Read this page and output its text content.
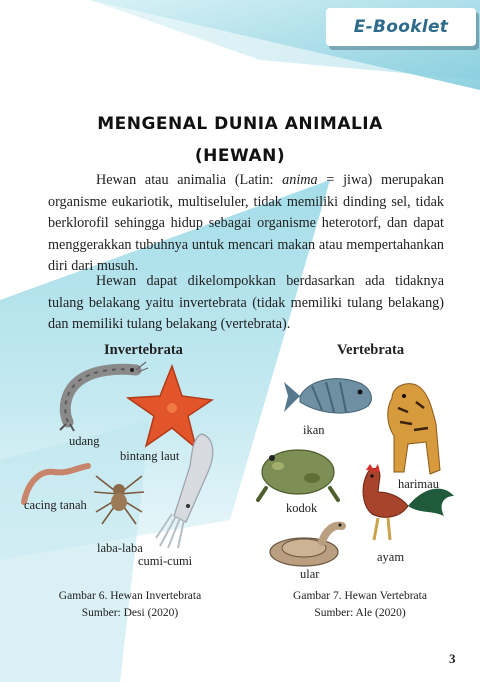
E-Booklet
MENGENAL DUNIA ANIMALIA
(HEWAN)

Hewan atau animalia (Latin: anima = jiwa) merupakan organisme eukariotik, multiseluler, tidak memiliki dinding sel, tidak berklorofil sehingga hidup sebagai organisme heterotorf, dan dapat menggerakkan tubuhnya untuk mencari makan atau mempertahankan diri dari musuh.

Hewan dapat dikelompokkan berdasarkan ada tidaknya tulang belakang yaitu invertebrata (tidak memiliki tulang belakang) dan memiliki tulang belakang (vertebrata).

Invertebrata	Vertebrata
udang
bintang laut
cacing tanah
laba-laba
cumi-cumi
ikan
harimau
kodok
ayam
ular
Gambar 6. Hewan Invertebrata
Sumber: Desi (2020)
Gambar 7. Hewan Vertebrata
Sumber: Ale (2020)
3
